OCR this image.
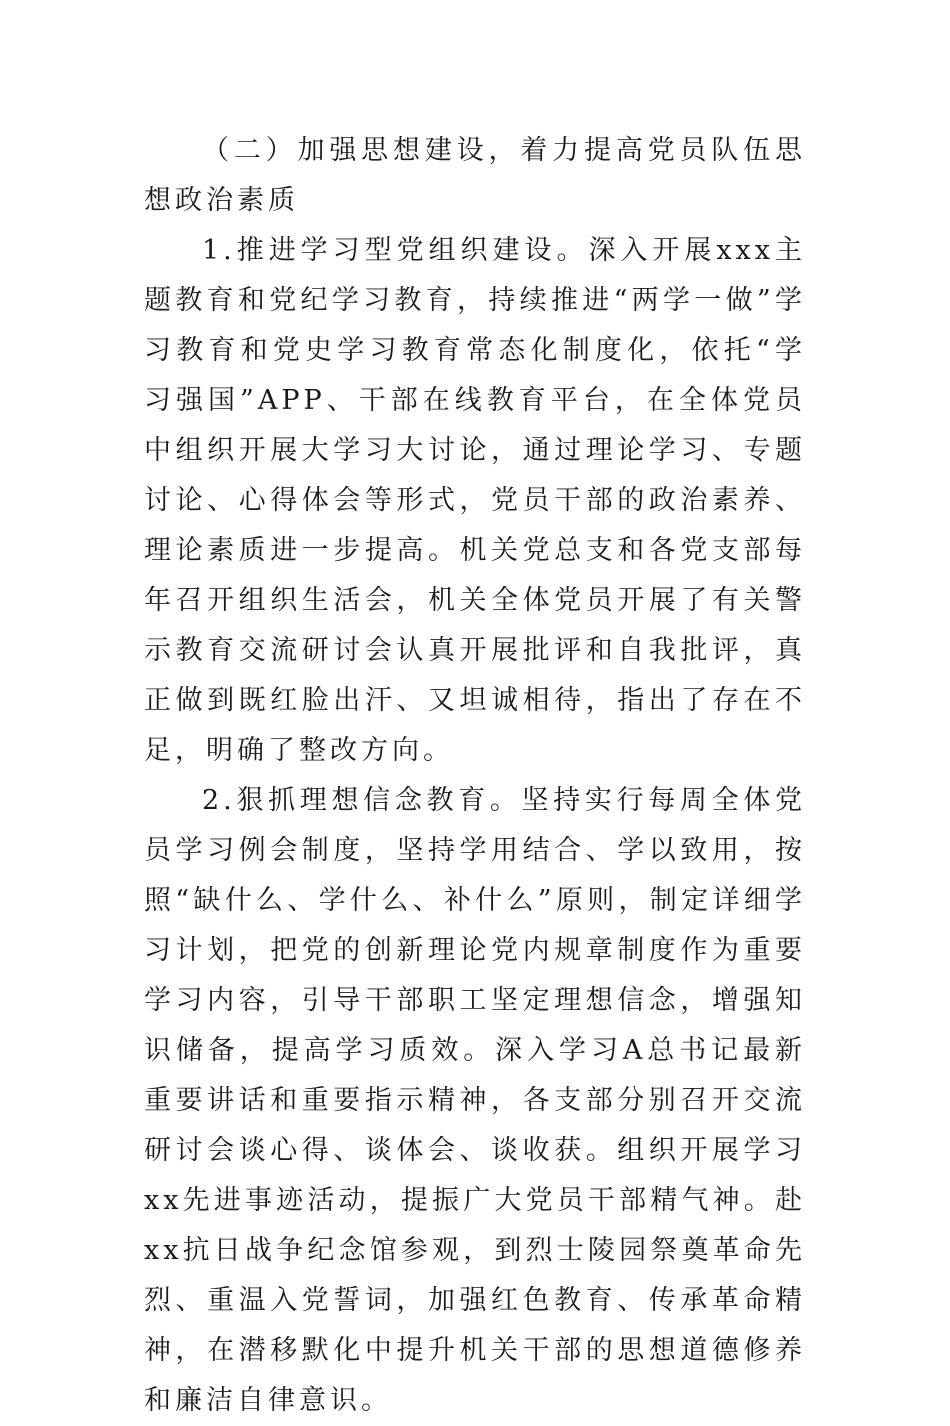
（二）加强思想建设，着力提高党员队伍思想政治素质

1.推进学习型党组织建设。深入开展xxx主题教育和党纪学习教育，持续推进“两学一做”学习教育和党史学习教育常态化制度化，依托“学习强国”APP、干部在线教育平台，在全体党员中组织开展大学习大讨论，通过理论学习、专题讨论、心得体会等形式，党员干部的政治素养、理论素质进一步提高。机关党总支和各党支部每年召开组织生活会，机关全体党员开展了有关警示教育交流研讨会认真开展批评和自我批评，真正做到既红脸出汗、又坦诚相待，指出了存在不足，明确了整改方向。

2.狠抓理想信念教育。坚持实行每周全体党员学习例会制度，坚持学用结合、学以致用，按照“缺什么、学什么、补什么”原则，制定详细学习计划，把党的创新理论党内规章制度作为重要学习内容，引导干部职工坚定理想信念，增强知识储备，提高学习质效。深入学习A总书记最新重要讲话和重要指示精神，各支部分别召开交流研讨会谈心得、谈体会、谈收获。组织开展学习xx先进事迹活动，提振广大党员干部精气神。赴xx抗日战争纪念馆参观，到烈士陵园祭奠革命先烈、重温入党誓词，加强红色教育、传承革命精神，在潜移默化中提升机关干部的思想道德修养和廉洁自律意识。
